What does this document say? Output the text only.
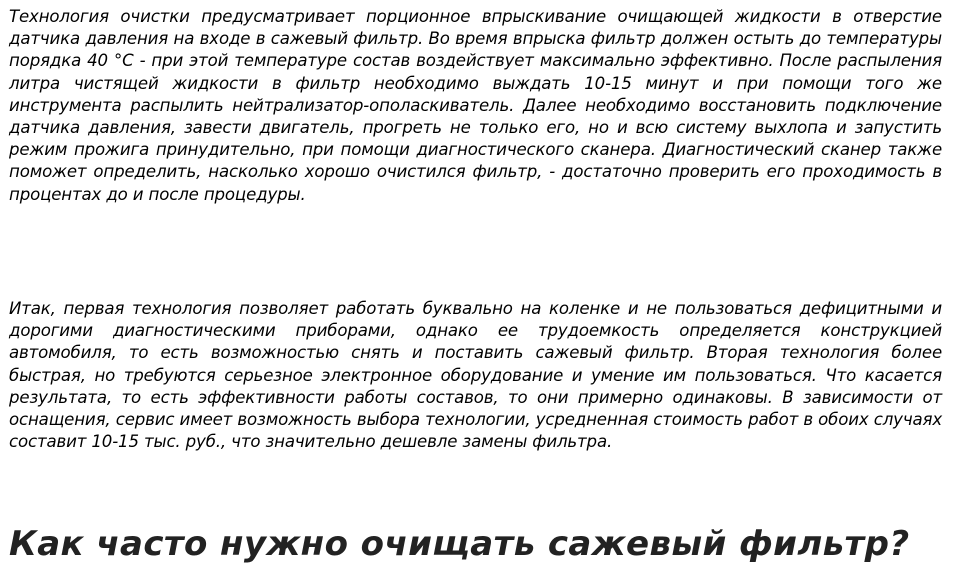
Технология очистки предусматривает порционное впрыскивание очищающей жидкости в отверстие датчика давления на входе в сажевый фильтр. Во время впрыска фильтр должен остыть до температуры порядка 40 °С - при этой температуре состав воздействует максимально эффективно. После распыления литра чистящей жидкости в фильтр необходимо выждать 10-15 минут и при помощи того же инструмента распылить нейтрализатор-ополаскиватель. Далее необходимо восстановить подключение датчика давления, завести двигатель, прогреть не только его, но и всю систему выхлопа и запустить режим прожига принудительно, при помощи диагностического сканера. Диагностический сканер также поможет определить, насколько хорошо очистился фильтр, - достаточно проверить его проходимость в процентах до и после процедуры.

Итак, первая технология позволяет работать буквально на коленке и не пользоваться дефицитными и дорогими диагностическими приборами, однако ее трудоемкость определяется конструкцией автомобиля, то есть возможностью снять и поставить сажевый фильтр. Вторая технология более быстрая, но требуются серьезное электронное оборудование и умение им пользоваться. Что касается результата, то есть эффективности работы составов, то они примерно одинаковы. В зависимости от оснащения, сервис имеет возможность выбора технологии, усредненная стоимость работ в обоих случаях составит 10-15 тыс. руб., что значительно дешевле замены фильтра.

Как часто нужно очищать сажевый фильтр?
